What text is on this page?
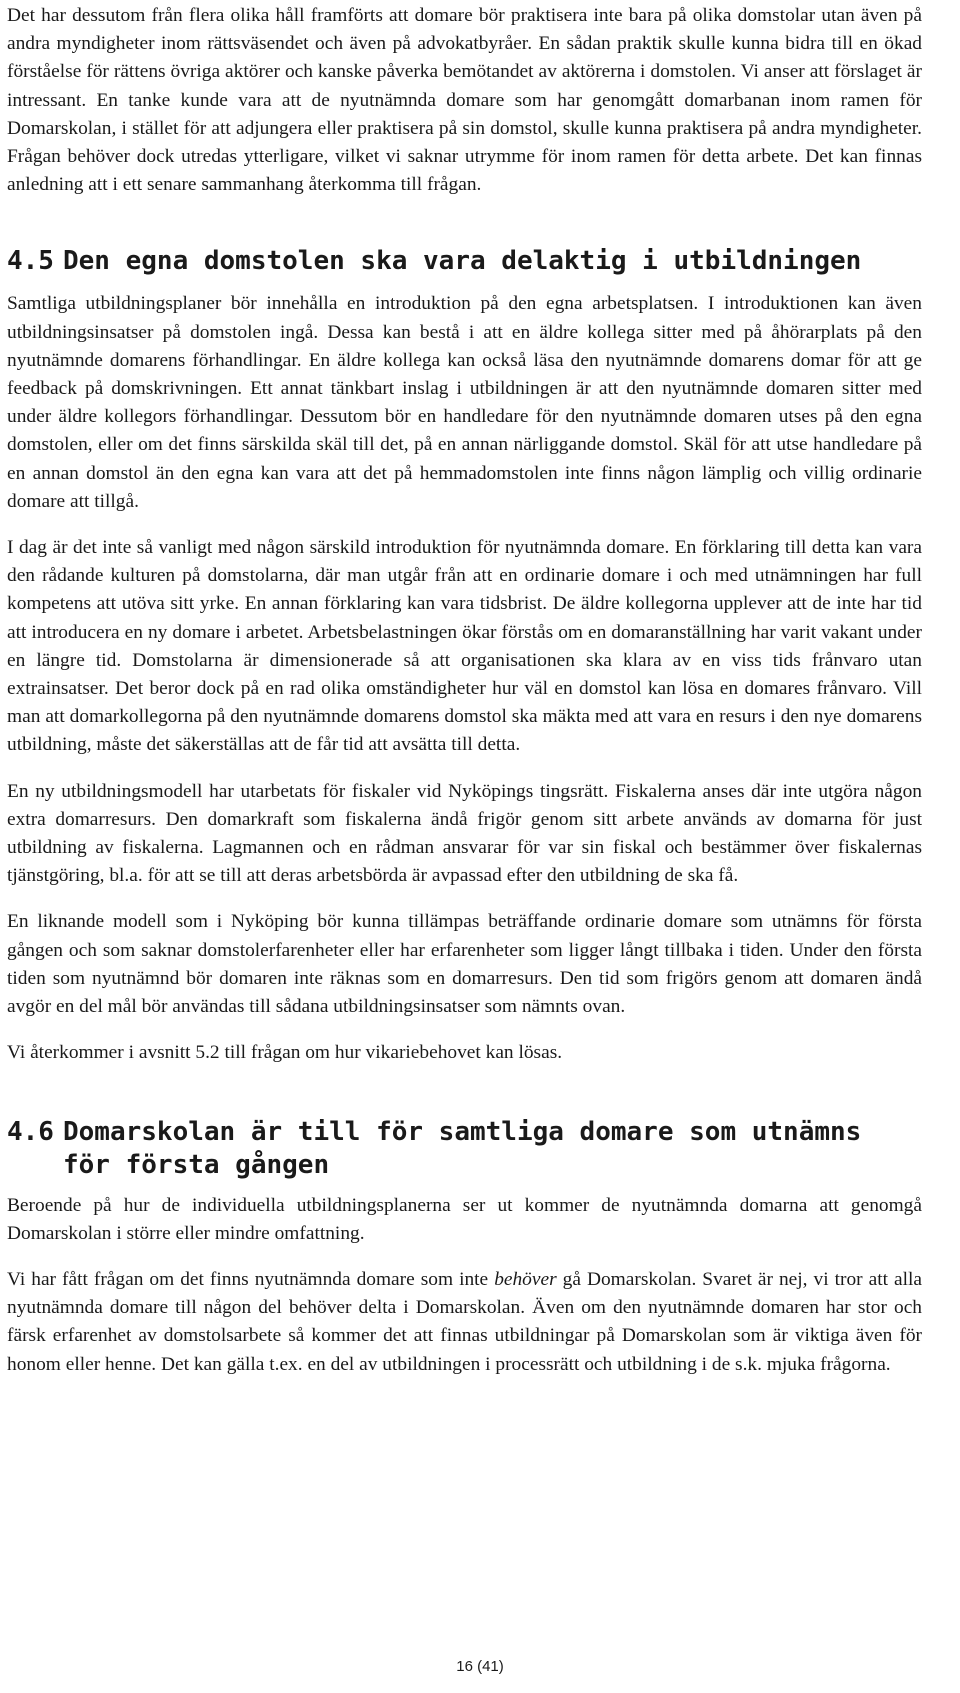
Det har dessutom från flera olika håll framförts att domare bör praktisera inte bara på olika domstolar utan även på andra myndigheter inom rättsväsendet och även på advokatbyråer. En sådan praktik skulle kunna bidra till en ökad förståelse för rättens övriga aktörer och kanske påverka bemötandet av aktörerna i domstolen. Vi anser att förslaget är intressant. En tanke kunde vara att de nyutnämnda domare som har genomgått domarbanan inom ramen för Domarskolan, i stället för att adjungera eller praktisera på sin domstol, skulle kunna praktisera på andra myndigheter. Frågan behöver dock utredas ytterligare, vilket vi saknar utrymme för inom ramen för detta arbete. Det kan finnas anledning att i ett senare sammanhang återkomma till frågan.

4.5 Den egna domstolen ska vara delaktig i utbildningen

Samtliga utbildningsplaner bör innehålla en introduktion på den egna arbetsplatsen. I introduktionen kan även utbildningsinsatser på domstolen ingå. Dessa kan bestå i att en äldre kollega sitter med på åhörarplats på den nyutnämnde domarens förhandlingar. En äldre kollega kan också läsa den nyutnämnde domarens domar för att ge feedback på domskrivningen. Ett annat tänkbart inslag i utbildningen är att den nyutnämnde domaren sitter med under äldre kollegors förhandlingar. Dessutom bör en handledare för den nyutnämnde domaren utses på den egna domstolen, eller om det finns särskilda skäl till det, på en annan närliggande domstol. Skäl för att utse handledare på en annan domstol än den egna kan vara att det på hemmadomstolen inte finns någon lämplig och villig ordinarie domare att tillgå.

I dag är det inte så vanligt med någon särskild introduktion för nyutnämnda domare. En förklaring till detta kan vara den rådande kulturen på domstolarna, där man utgår från att en ordinarie domare i och med utnämningen har full kompetens att utöva sitt yrke. En annan förklaring kan vara tidsbrist. De äldre kollegorna upplever att de inte har tid att introducera en ny domare i arbetet. Arbetsbelastningen ökar förstås om en domaranställning har varit vakant under en längre tid. Domstolarna är dimensionerade så att organisationen ska klara av en viss tids frånvaro utan extrainsatser. Det beror dock på en rad olika omständigheter hur väl en domstol kan lösa en domares frånvaro. Vill man att domarkollegorna på den nyutnämnde domarens domstol ska mäkta med att vara en resurs i den nye domarens utbildning, måste det säkerställas att de får tid att avsätta till detta.

En ny utbildningsmodell har utarbetats för fiskaler vid Nyköpings tingsrätt. Fiskalerna anses där inte utgöra någon extra domarresurs. Den domarkraft som fiskalerna ändå frigör genom sitt arbete används av domarna för just utbildning av fiskalerna. Lagmannen och en rådman ansvarar för var sin fiskal och bestämmer över fiskalernas tjänstgöring, bl.a. för att se till att deras arbetsbörda är avpassad efter den utbildning de ska få.

En liknande modell som i Nyköping bör kunna tillämpas beträffande ordinarie domare som utnämns för första gången och som saknar domstolerfarenheter eller har erfarenheter som ligger långt tillbaka i tiden. Under den första tiden som nyutnämnd bör domaren inte räknas som en domarresurs. Den tid som frigörs genom att domaren ändå avgör en del mål bör användas till sådana utbildningsinsatser som nämnts ovan.

Vi återkommer i avsnitt 5.2 till frågan om hur vikariebehovet kan lösas.

4.6 Domarskolan är till för samtliga domare som utnämns för första gången

Beroende på hur de individuella utbildningsplanerna ser ut kommer de nyutnämnda domarna att genomgå Domarskolan i större eller mindre omfattning.

Vi har fått frågan om det finns nyutnämnda domare som inte behöver gå Domarskolan. Svaret är nej, vi tror att alla nyutnämnda domare till någon del behöver delta i Domarskolan. Även om den nyutnämnde domaren har stor och färsk erfarenhet av domstolsarbete så kommer det att finnas utbildningar på Domarskolan som är viktiga även för honom eller henne. Det kan gälla t.ex. en del av utbildningen i processrätt och utbildning i de s.k. mjuka frågorna.

16 (41)
